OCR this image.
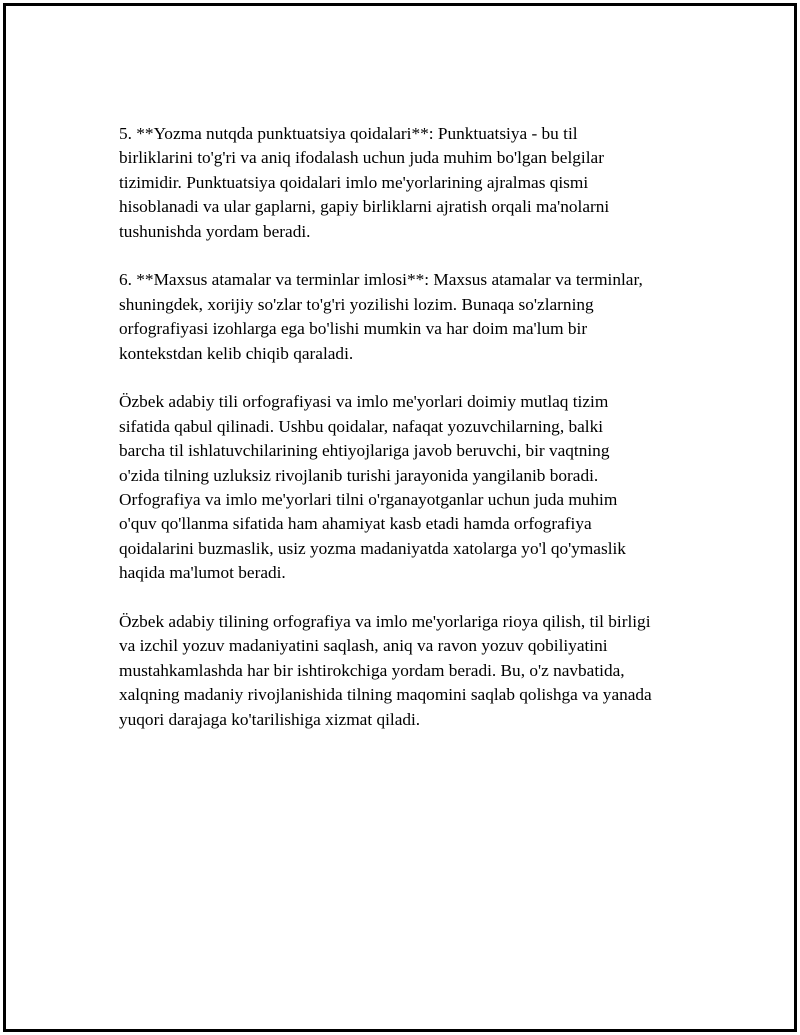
5. **Yozma nutqda punktuatsiya qoidalari**: Punktuatsiya - bu til
birliklarini to'g'ri va aniq ifodalash uchun juda muhim bo'lgan belgilar
tizimidir. Punktuatsiya qoidalari imlo me'yorlarining ajralmas qismi
hisoblanadi va ular gaplarni, gapiy birliklarni ajratish orqali ma'nolarni
tushunishda yordam beradi.

6. **Maxsus atamalar va terminlar imlosi**: Maxsus atamalar va terminlar,
shuningdek, xorijiy so'zlar to'g'ri yozilishi lozim. Bunaqa so'zlarning
orfografiyasi izohlarga ega bo'lishi mumkin va har doim ma'lum bir
kontekstdan kelib chiqib qaraladi.

Özbek adabiy tili orfografiyasi va imlo me'yorlari doimiy mutlaq tizim
sifatida qabul qilinadi. Ushbu qoidalar, nafaqat yozuvchilarning, balki
barcha til ishlatuvchilarining ehtiyojlariga javob beruvchi, bir vaqtning
o'zida tilning uzluksiz rivojlanib turishi jarayonida yangilanib boradi.
Orfografiya va imlo me'yorlari tilni o'rganayotganlar uchun juda muhim
o'quv qo'llanma sifatida ham ahamiyat kasb etadi hamda orfografiya
qoidalarini buzmaslik, usiz yozma madaniyatda xatolarga yo'l qo'ymaslik
haqida ma'lumot beradi.

Özbek adabiy tilining orfografiya va imlo me'yorlariga rioya qilish, til birligi
va izchil yozuv madaniyatini saqlash, aniq va ravon yozuv qobiliyatini
mustahkamlashda har bir ishtirokchiga yordam beradi. Bu, o'z navbatida,
xalqning madaniy rivojlanishida tilning maqomini saqlab qolishga va yanada
yuqori darajaga ko'tarilishiga xizmat qiladi.
